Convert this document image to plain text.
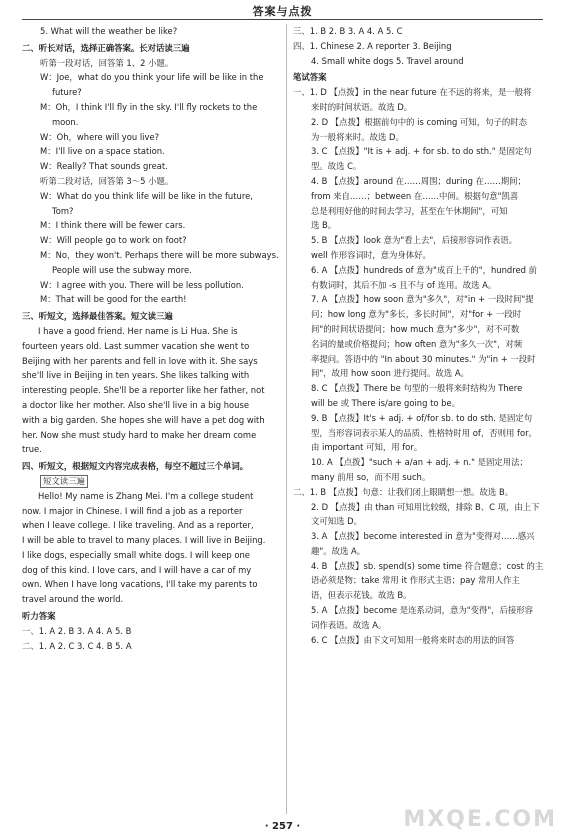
答案与点拨

5. What will the weather be like?

二、听长对话，选择正确答案。长对话读三遍

听第一段对话，回答第 1、2 小题。

W：Joe，what do you think your life will be like in the

future?

M：Oh，I think I'll fly in the sky. I'll fly rockets to the

moon.

W：Oh，where will you live?

M：I'll live on a space station.

W：Really? That sounds great.

听第二段对话，回答第 3～5 小题。

W：What do you think life will be like in the future,

Tom?

M：I think there will be fewer cars.

W：Will people go to work on foot?

M：No，they won't. Perhaps there will be more subways.

People will use the subway more.

W：I agree with you. There will be less pollution.

M：That will be good for the earth!

三、听短文，选择最佳答案。短文读三遍

I have a good friend. Her name is Li Hua. She is

fourteen years old. Last summer vacation she went to

Beijing with her parents and fell in love with it. She says

she'll live in Beijing in ten years. She likes talking with

interesting people. She'll be a reporter like her father, not

a doctor like her mother. Also she'll live in a big house

with a big garden. She hopes she will have a pet dog with

her. Now she must study hard to make her dream come

true.

四、听短文，根据短文内容完成表格，每空不超过三个单词。

短文读三遍

Hello! My name is Zhang Mei. I'm a college student

now. I major in Chinese. I will find a job as a reporter

when I leave college. I like traveling. And as a reporter,

I will be able to travel to many places. I will live in Beijing.

I like dogs, especially small white dogs. I will keep one

dog of this kind. I love cars, and I will have a car of my

own. When I have long vacations, I'll take my parents to

travel around the world.

听力答案

一、1. A 2. B 3. A 4. A 5. B

二、1. A 2. C 3. C 4. B 5. A

三、1. B 2. B 3. A 4. A 5. C

四、1. Chinese 2. A reporter 3. Beijing

4. Small white dogs 5. Travel around

笔试答案

一、1. D 【点拨】in the near future 在不远的将来，是一般将

来时的时间状语。故选 D。

2. D 【点拨】根据前句中的 is coming 可知，句子的时态

为一般将来时。故选 D。

3. C 【点拨】"It is + adj. + for sb. to do sth." 是固定句

型。故选 C。

4. B 【点拨】around 在……周围；during 在……期间；

from 来自……；between 在……中间。根据句意"凯喜

总是利用好他的时间去学习，甚至在午休期间"，可知

选 B。

5. B 【点拨】look 意为"看上去"，后接形容词作表语。

well 作形容词时，意为身体好。

6. A 【点拨】hundreds of 意为"成百上千的"，hundred 前

有数词时，其后不加 -s 且不与 of 连用。故选 A。

7. A 【点拨】how soon 意为"多久"，对"in + 一段时间"提

问；how long 意为"多长，多长时间"，对"for + 一段时

间"的时间状语提问；how much 意为"多少"，对不可数

名词的量或价格提问；how often 意为"多久一次"，对频

率提问。答语中的 "In about 30 minutes." 为"in + 一段时

间"，故用 how soon 进行提问。故选 A。

8. C 【点拨】There be 句型的一般将来时结构为 There

will be 或 There is/are going to be。

9. B 【点拨】It's + adj. + of/for sb. to do sth. 是固定句

型，当形容词表示某人的品质、性格特时用 of，否则用 for。

由 important 可知，用 for。

10. A 【点拨】"such + a/an + adj. + n." 是固定用法；

many 前用 so，而不用 such。

二、1. B 【点拨】句意：让我们闭上眼睛想一想。故选 B。

2. D 【点拨】由 than 可知用比较级，排除 B、C 项，由上下

文可知选 D。

3. A 【点拨】become interested in 意为"变得对……感兴

趣"。故选 A。

4. B 【点拨】sb. spend(s) some time 符合题意；cost 的主

语必须是物；take 常用 it 作形式主语；pay 常用人作主

语，但表示花钱。故选 B。

5. A 【点拨】become 是连系动词，意为"变得"，后接形容

词作表语。故选 A。

6. C 【点拨】由下文可知用一般将来时态的用法的回答

· 257 ·	MXQE.COM
